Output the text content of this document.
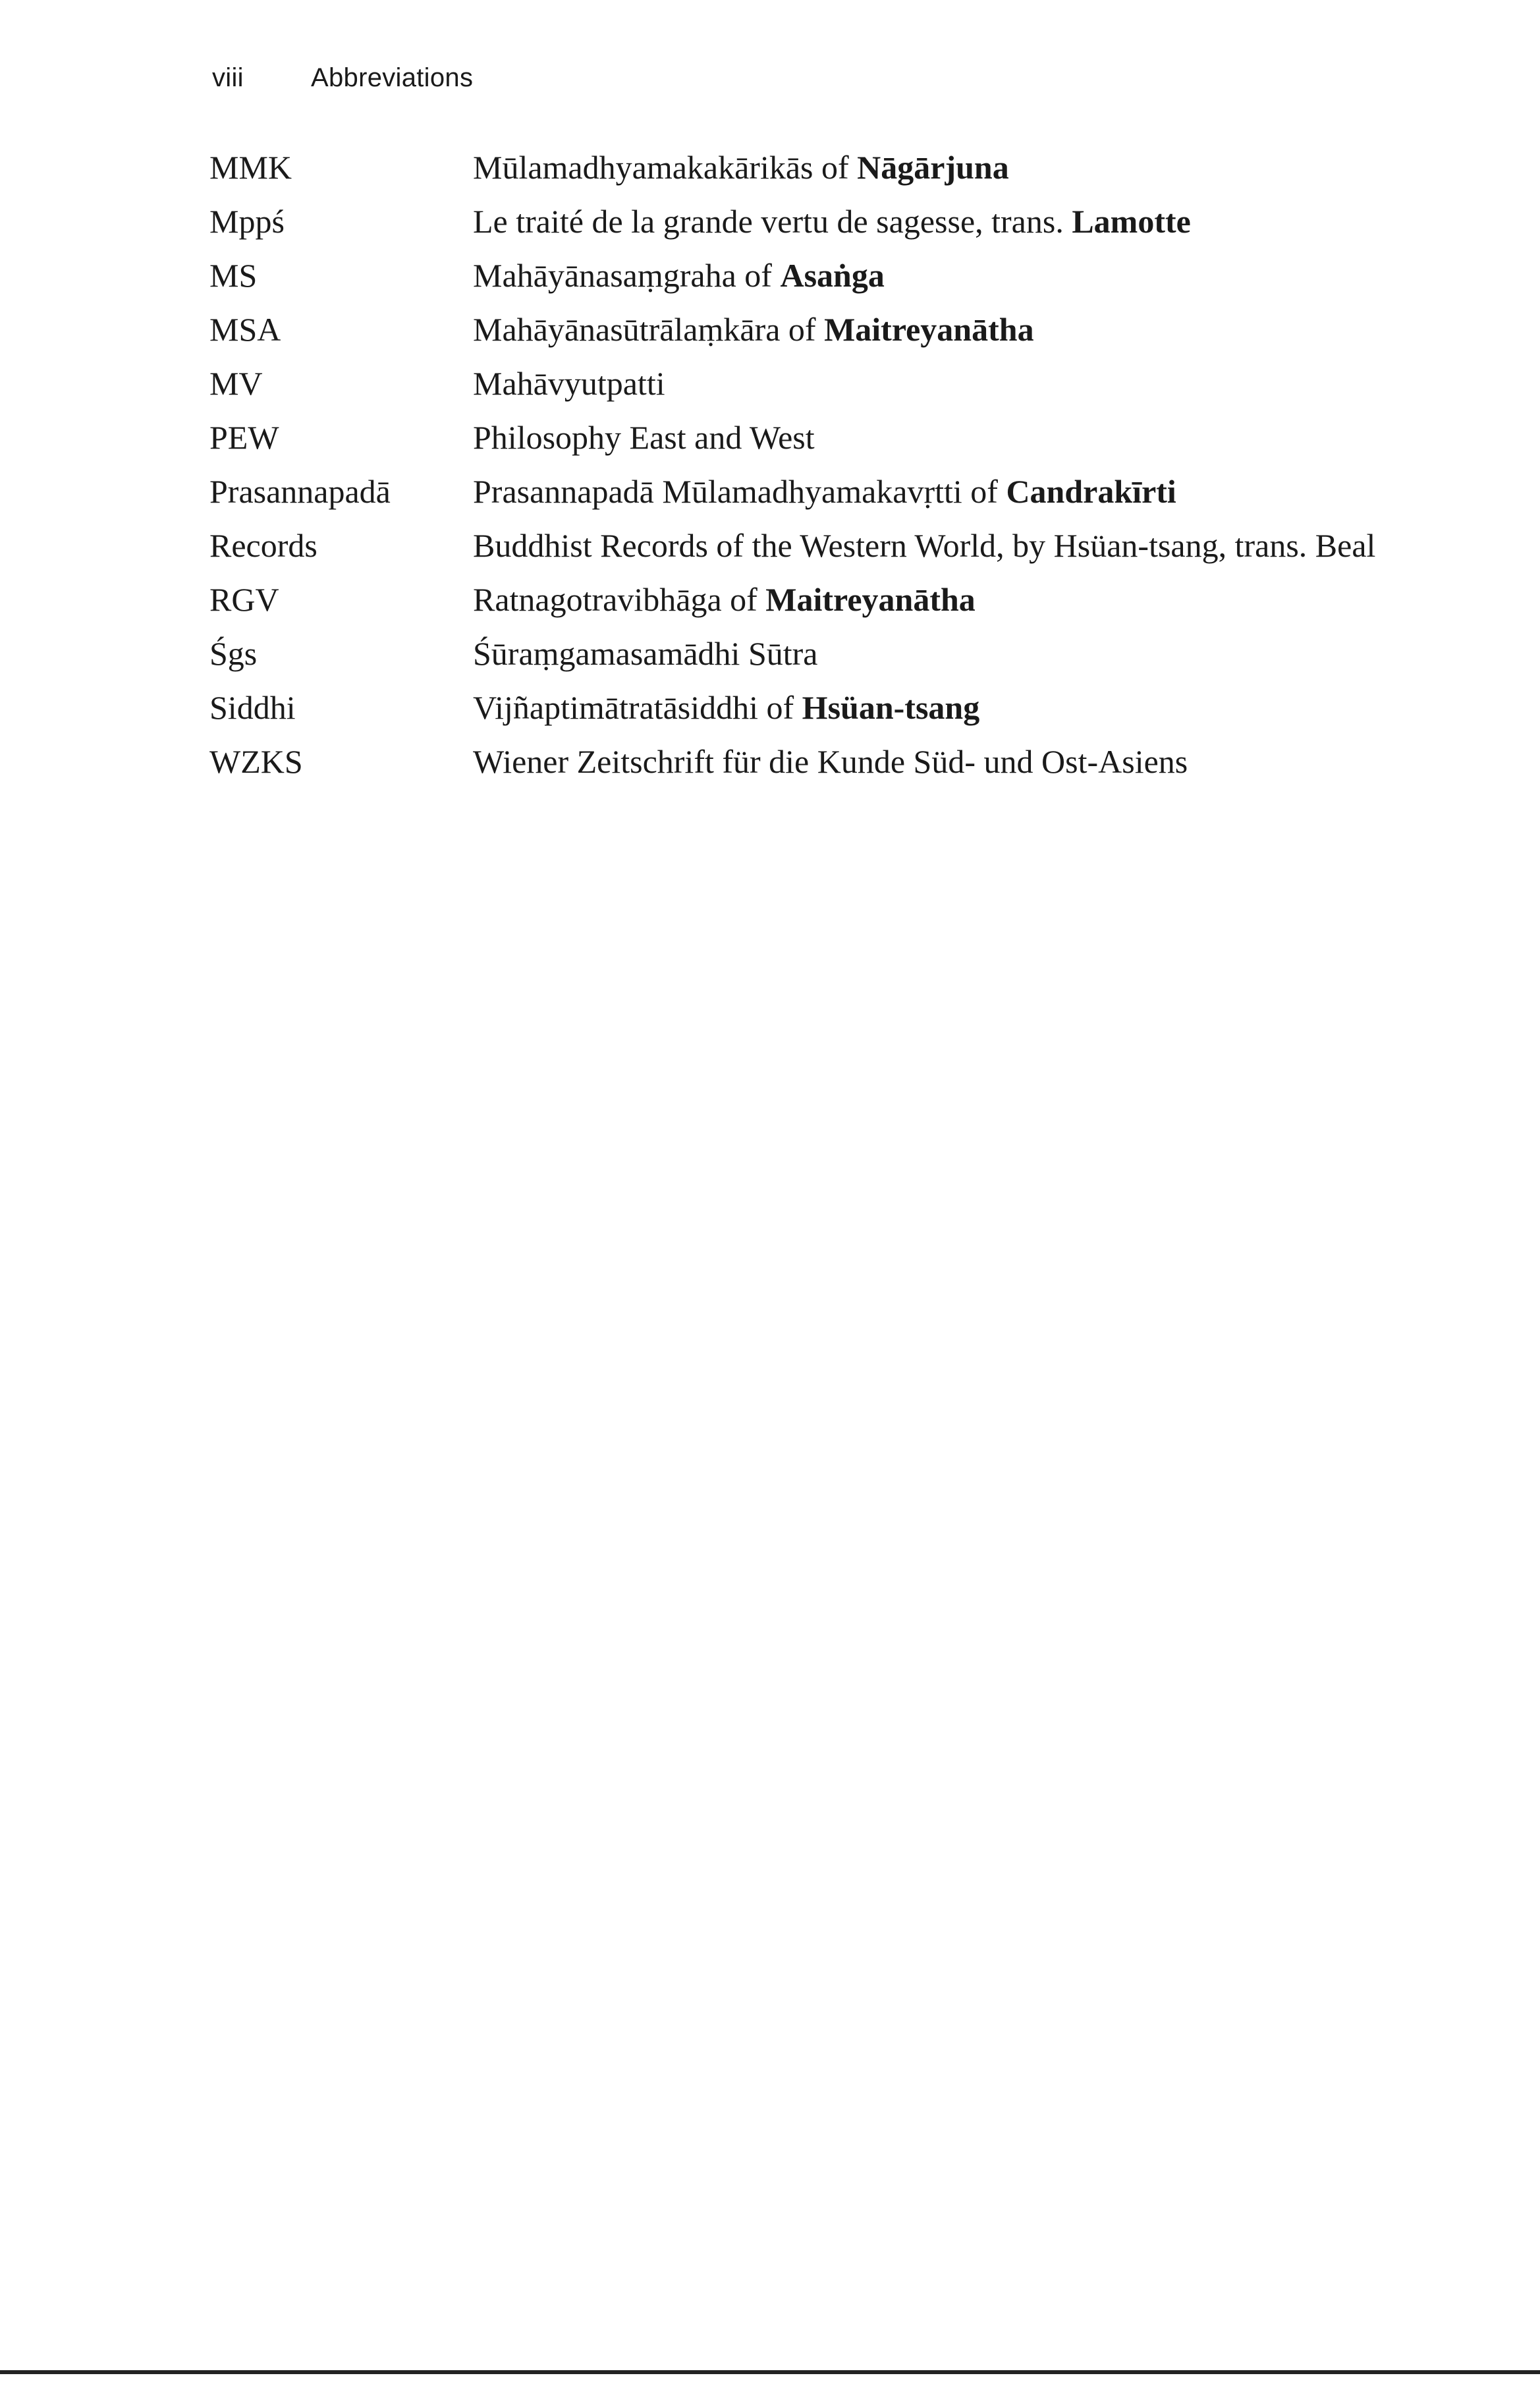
viii	Abbreviations
MMK	Mūlamadhyamakakārikās of Nāgārjuna
Mppś	Le traité de la grande vertu de sagesse, trans. Lamotte
MS	Mahāyānasaṃgraha of Asaṅga
MSA	Mahāyānasūtrālaṃkāra of Maitreyanātha
MV	Mahāvyutpatti
PEW	Philosophy East and West
Prasannapadā	Prasannapadā Mūlamadhyamakavṛtti of Candrakīrti
Records	Buddhist Records of the Western World, by Hsüan-tsang, trans. Beal
RGV	Ratnagotravibhāga of Maitreyanātha
Śgs	Śūraṃgamasamādhi Sūtra
Siddhi	Vijñaptimātratāsiddhi of Hsüan-tsang
WZKS	Wiener Zeitschrift für die Kunde Süd- und Ost-Asiens
